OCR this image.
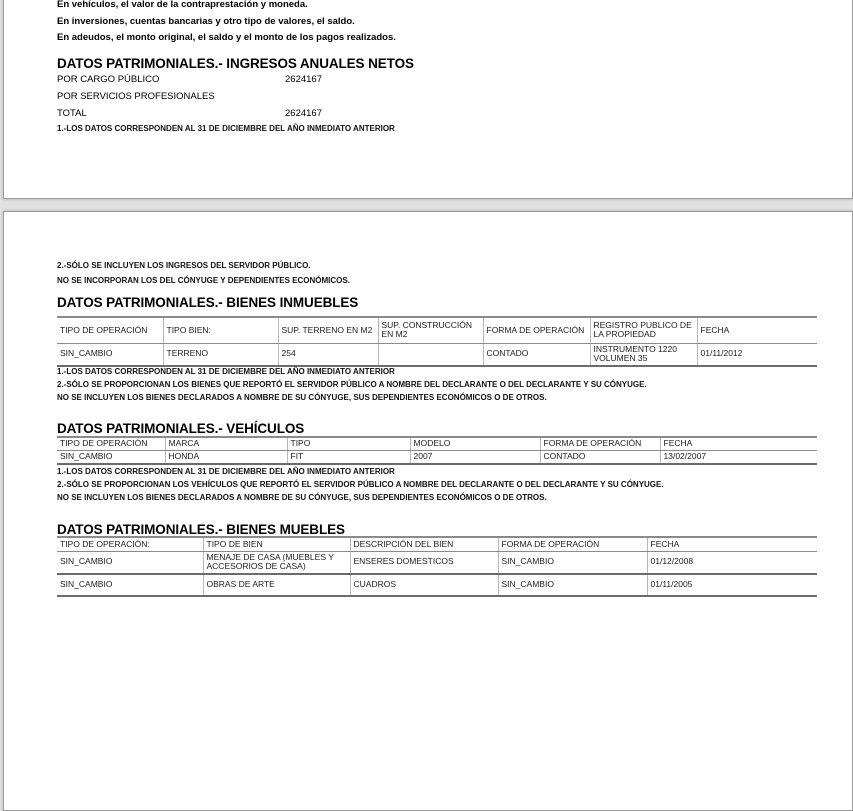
En vehículos, el valor de la contraprestación y moneda.
En inversiones, cuentas bancarias y otro tipo de valores, el saldo.
En adeudos, el monto original, el saldo y el monto de los pagos realizados.
DATOS PATRIMONIALES.- INGRESOS ANUALES NETOS
POR CARGO PÚBLICO	2624167
POR SERVICIOS PROFESIONALES
TOTAL	2624167
1.-LOS DATOS CORRESPONDEN AL 31 DE DICIEMBRE DEL AÑO INMEDIATO ANTERIOR
2.-SÓLO SE INCLUYEN LOS INGRESOS DEL SERVIDOR PÚBLICO.
NO SE INCORPORAN LOS DEL CÓNYUGE Y DEPENDIENTES ECONÓMICOS.
DATOS PATRIMONIALES.- BIENES INMUEBLES
TIPO DE OPERACIÓN	TIPO BIEN:	SUP. TERRENO EN M2	SUP. CONSTRUCCIÓN EN M2	FORMA DE OPERACIÓN	REGISTRO PUBLICO DE LA PROPIEDAD	FECHA
SIN_CAMBIO	TERRENO	254		CONTADO	INSTRUMENTO 1220 VOLUMEN 35	01/11/2012
1.-LOS DATOS CORRESPONDEN AL 31 DE DICIEMBRE DEL AÑO INMEDIATO ANTERIOR
2.-SÓLO SE PROPORCIONAN LOS BIENES QUE REPORTÓ EL SERVIDOR PÚBLICO A NOMBRE DEL DECLARANTE O DEL DECLARANTE Y SU CÓNYUGE.
NO SE INCLUYEN LOS BIENES DECLARADOS A NOMBRE DE SU CÓNYUGE, SUS DEPENDIENTES ECONÓMICOS O DE OTROS.
DATOS PATRIMONIALES.- VEHÍCULOS
TIPO DE OPERACIÓN	MARCA	TIPO	MODELO	FORMA DE OPERACIÓN	FECHA
SIN_CAMBIO	HONDA	FIT	2007	CONTADO	13/02/2007
1.-LOS DATOS CORRESPONDEN AL 31 DE DICIEMBRE DEL AÑO INMEDIATO ANTERIOR
2.-SÓLO SE PROPORCIONAN LOS VEHÍCULOS QUE REPORTÓ EL SERVIDOR PÚBLICO A NOMBRE DEL DECLARANTE O DEL DECLARANTE Y SU CÓNYUGE.
NO SE INCLUYEN LOS BIENES DECLARADOS A NOMBRE DE SU CÓNYUGE, SUS DEPENDIENTES ECONÓMICOS O DE OTROS.
DATOS PATRIMONIALES.- BIENES MUEBLES
TIPO DE OPERACIÓN:	TIPO DE BIEN	DESCRIPCIÓN DEL BIEN	FORMA DE OPERACIÓN	FECHA
SIN_CAMBIO	MENAJE DE CASA (MUEBLES Y ACCESORIOS DE CASA)	ENSERES DOMESTICOS	SIN_CAMBIO	01/12/2008
SIN_CAMBIO	OBRAS DE ARTE	CUADROS	SIN_CAMBIO	01/11/2005
